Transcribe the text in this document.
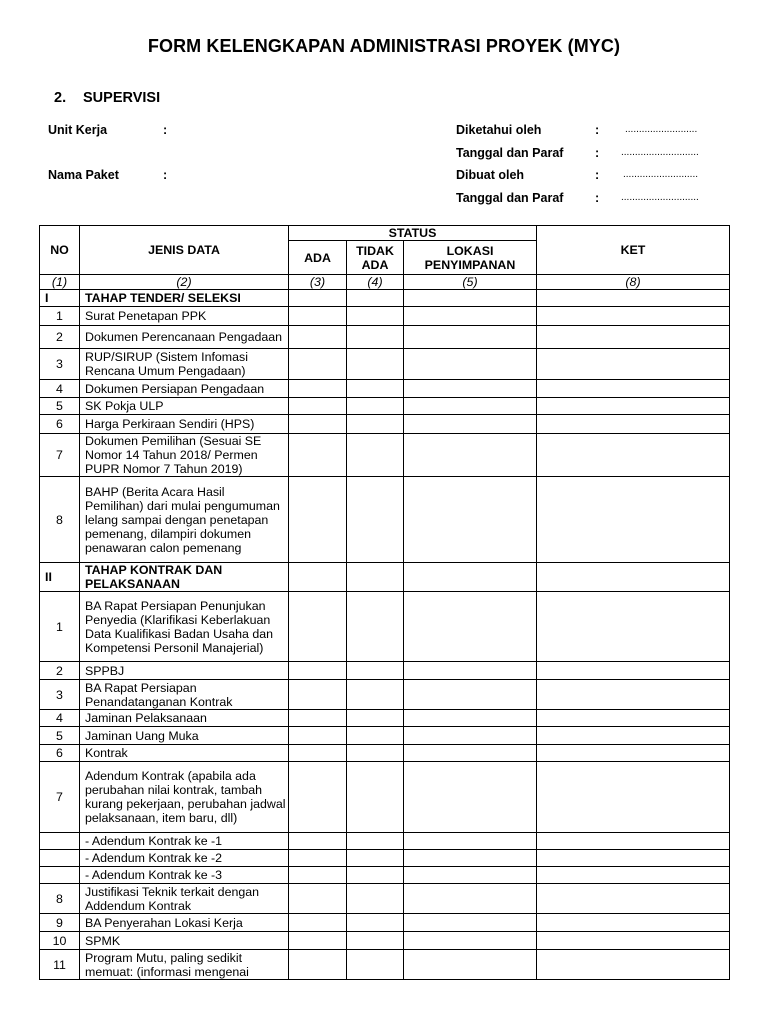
FORM KELENGKAPAN ADMINISTRASI PROYEK (MYC)
2. SUPERVISI
Unit Kerja	:
Nama Paket	:
Diketahui oleh	:	..........................
Tanggal dan Paraf	: ............................
Dibuat oleh	: ...........................
Tanggal dan Paraf	: ............................
NO	JENIS DATA	STATUS			KET
		ADA	TIDAK ADA	LOKASI PENYIMPANAN	
(1)	(2)	(3)	(4)	(5)	(8)
I	TAHAP TENDER/ SELEKSI				
1	Surat Penetapan PPK				
2	Dokumen Perencanaan Pengadaan				
3	RUP/SIRUP (Sistem Infomasi Rencana Umum Pengadaan)				
4	Dokumen Persiapan Pengadaan				
5	SK Pokja ULP				
6	Harga Perkiraan Sendiri (HPS)				
7	Dokumen Pemilihan (Sesuai SE Nomor 14 Tahun 2018/ Permen PUPR Nomor 7 Tahun 2019)				
8	BAHP (Berita Acara Hasil Pemilihan) dari mulai pengumuman lelang sampai dengan penetapan pemenang, dilampiri dokumen penawaran calon pemenang				
II	TAHAP KONTRAK DAN PELAKSANAAN				
1	BA Rapat Persiapan Penunjukan Penyedia (Klarifikasi Keberlakuan Data Kualifikasi Badan Usaha dan Kompetensi Personil Manajerial)				
2	SPPBJ				
3	BA Rapat Persiapan Penandatanganan Kontrak				
4	Jaminan Pelaksanaan				
5	Jaminan Uang Muka				
6	Kontrak				
7	Adendum Kontrak (apabila ada perubahan nilai kontrak, tambah kurang pekerjaan, perubahan jadwal pelaksanaan, item baru, dll)				
	- Adendum Kontrak ke -1				
	- Adendum Kontrak ke -2				
	- Adendum Kontrak ke -3				
8	Justifikasi Teknik terkait dengan Addendum Kontrak				
9	BA Penyerahan Lokasi Kerja				
10	SPMK				
11	Program Mutu, paling sedikit memuat: (informasi mengenai				
